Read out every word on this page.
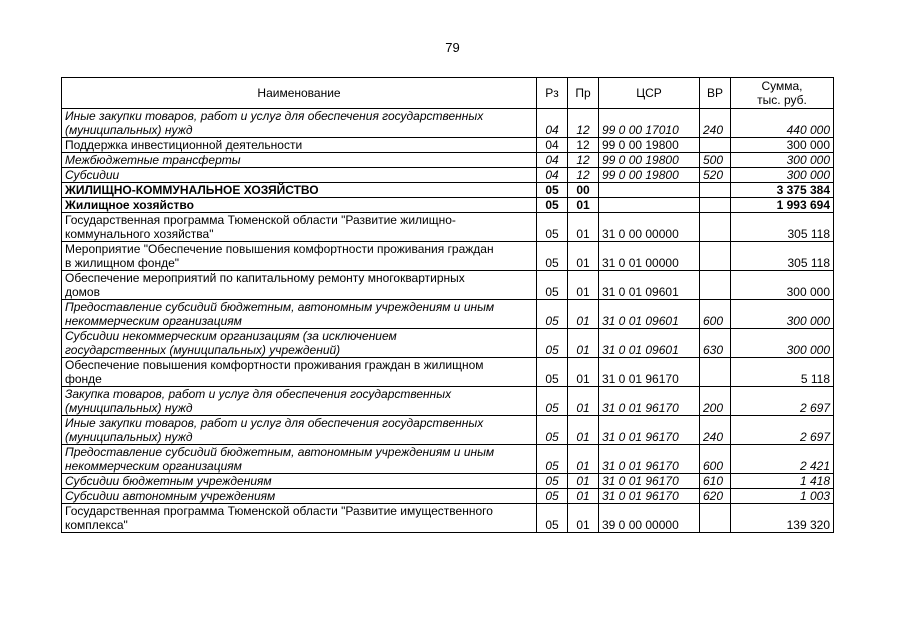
79
Наименование	Рз	Пр	ЦСР	ВР	Сумма,
тыс. руб.
Иные закупки товаров, работ и услуг для обеспечения государственных
(муниципальных) нужд	04	12	99 0 00 17010	240	440 000
Поддержка инвестиционной деятельности	04	12	99 0 00 19800		300 000
Межбюджетные трансферты	04	12	99 0 00 19800	500	300 000
Субсидии	04	12	99 0 00 19800	520	300 000
ЖИЛИЩНО-КОММУНАЛЬНОЕ ХОЗЯЙСТВО	05	00			3 375 384
Жилищное хозяйство	05	01			1 993 694
Государственная программа Тюменской области "Развитие жилищно-
коммунального хозяйства"	05	01	31 0 00 00000		305 118
Мероприятие "Обеспечение повышения комфортности проживания граждан
в жилищном фонде"	05	01	31 0 01 00000		305 118
Обеспечение мероприятий по капитальному ремонту многоквартирных
домов	05	01	31 0 01 09601		300 000
Предоставление субсидий бюджетным, автономным учреждениям и иным
некоммерческим организациям	05	01	31 0 01 09601	600	300 000
Субсидии некоммерческим организациям (за исключением
государственных (муниципальных) учреждений)	05	01	31 0 01 09601	630	300 000
Обеспечение повышения комфортности проживания граждан в жилищном
фонде	05	01	31 0 01 96170		5 118
Закупка товаров, работ и услуг для обеспечения государственных
(муниципальных) нужд	05	01	31 0 01 96170	200	2 697
Иные закупки товаров, работ и услуг для обеспечения государственных
(муниципальных) нужд	05	01	31 0 01 96170	240	2 697
Предоставление субсидий бюджетным, автономным учреждениям и иным
некоммерческим организациям	05	01	31 0 01 96170	600	2 421
Субсидии бюджетным учреждениям	05	01	31 0 01 96170	610	1 418
Субсидии автономным учреждениям	05	01	31 0 01 96170	620	1 003
Государственная программа Тюменской области "Развитие имущественного
комплекса"	05	01	39 0 00 00000		139 320
